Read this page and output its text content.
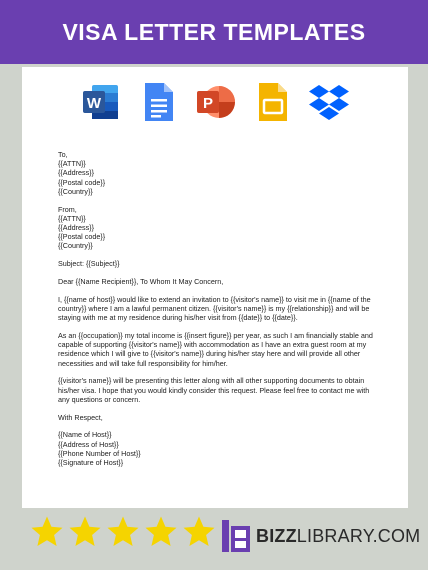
VISA LETTER TEMPLATES
W	P

To,
{{ATTN}}
{{Address}}
{{Postal code}}
{{Country}}

From,
{{ATTN}}
{{Address}}
{{Postal code}}
{{Country}}

Subject: {{Subject}}

Dear {{Name Recipient}}, To Whom It May Concern,

I, {{name of host}} would like to extend an invitation to {{visitor's name}} to visit me in {{name of the
country}} where I am a lawful permanent citizen. {{visitor's name}} is my {{relationship}} and will be
staying with me at my residence during his/her visit from {{date}} to {{date}}.

As an {{occupation}} my total income is {{insert figure}} per year, as such I am financially stable and
capable of supporting {{visitor's name}} with accommodation as I have an extra guest room at my
residence which I will give to {{visitor's name}} during his/her stay here and will provide all other
necessities and will take full responsibility for him/her.

{{visitor's name}} will be presenting this letter along with all other supporting documents to obtain
his/her visa. I hope that you would kindly consider this request. Please feel free to contact me with
any questions or concern.

With Respect,

{{Name of Host}}
{{Address of Host}}
{{Phone Number of Host}}
{{Signature of Host}}

BIZZLIBRARY.COM
